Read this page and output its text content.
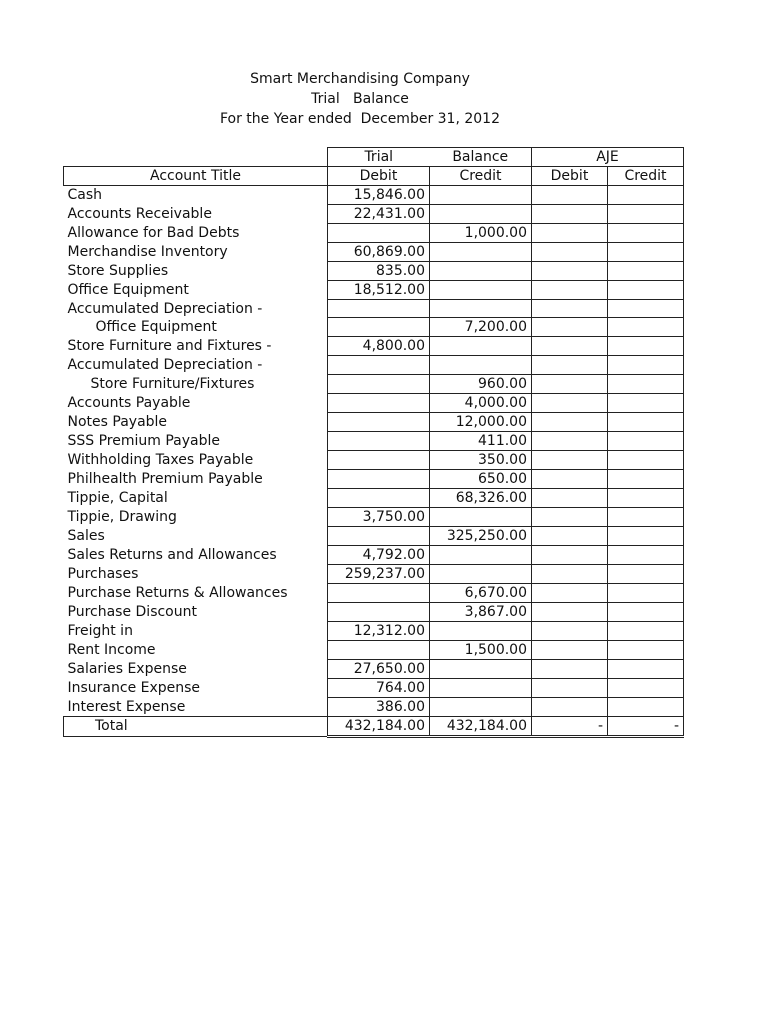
Smart Merchandising Company
Trial   Balance
For the Year ended  December 31, 2012
	Trial	Balance	AJE	
Account Title	Debit	Credit	Debit	Credit
Cash	15,846.00			
Accounts Receivable	22,431.00			
Allowance for Bad Debts		1,000.00		
Merchandise Inventory	60,869.00			
Store Supplies	835.00			
Office Equipment	18,512.00			
Accumulated Depreciation -				
Office Equipment		7,200.00		
Store Furniture and Fixtures -	4,800.00			
Accumulated Depreciation -				
Store Furniture/Fixtures		960.00		
Accounts Payable		4,000.00		
Notes Payable		12,000.00		
SSS Premium Payable		411.00		
Withholding Taxes Payable		350.00		
Philhealth Premium Payable		650.00		
Tippie, Capital		68,326.00		
Tippie, Drawing	3,750.00			
Sales		325,250.00		
Sales Returns and Allowances	4,792.00			
Purchases	259,237.00			
Purchase Returns & Allowances		6,670.00		
Purchase Discount		3,867.00		
Freight in	12,312.00			
Rent Income		1,500.00		
Salaries Expense	27,650.00			
Insurance Expense	764.00			
Interest Expense	386.00			
Total	432,184.00	432,184.00	-	-
